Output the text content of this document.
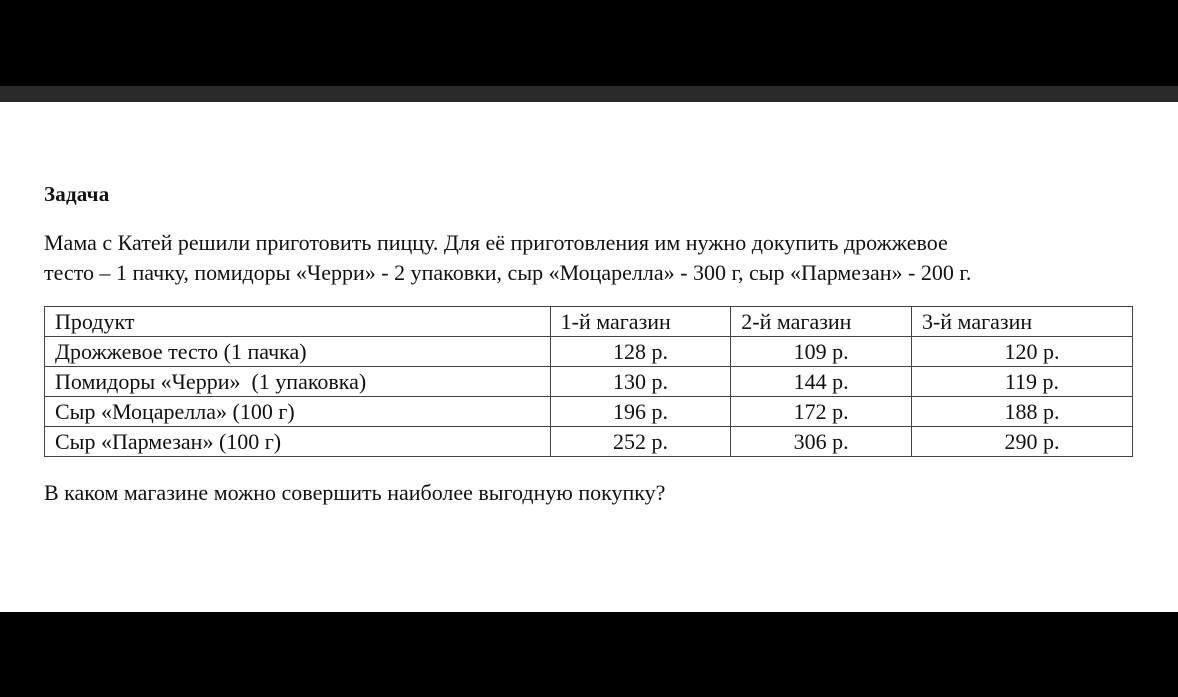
Задача
Мама с Катей решили приготовить пиццу. Для её приготовления им нужно докупить дрожжевое
тесто – 1 пачку, помидоры «Черри» - 2 упаковки, сыр «Моцарелла» - 300 г, сыр «Пармезан» - 200 г.
Продукт	1-й магазин	2-й магазин	3-й магазин
Дрожжевое тесто (1 пачка)	128 р.	109 р.	120 р.
Помидоры «Черри»  (1 упаковка)	130 р.	144 р.	119 р.
Сыр «Моцарелла» (100 г)	196 р.	172 р.	188 р.
Сыр «Пармезан» (100 г)	252 р.	306 р.	290 р.
В каком магазине можно совершить наиболее выгодную покупку?
